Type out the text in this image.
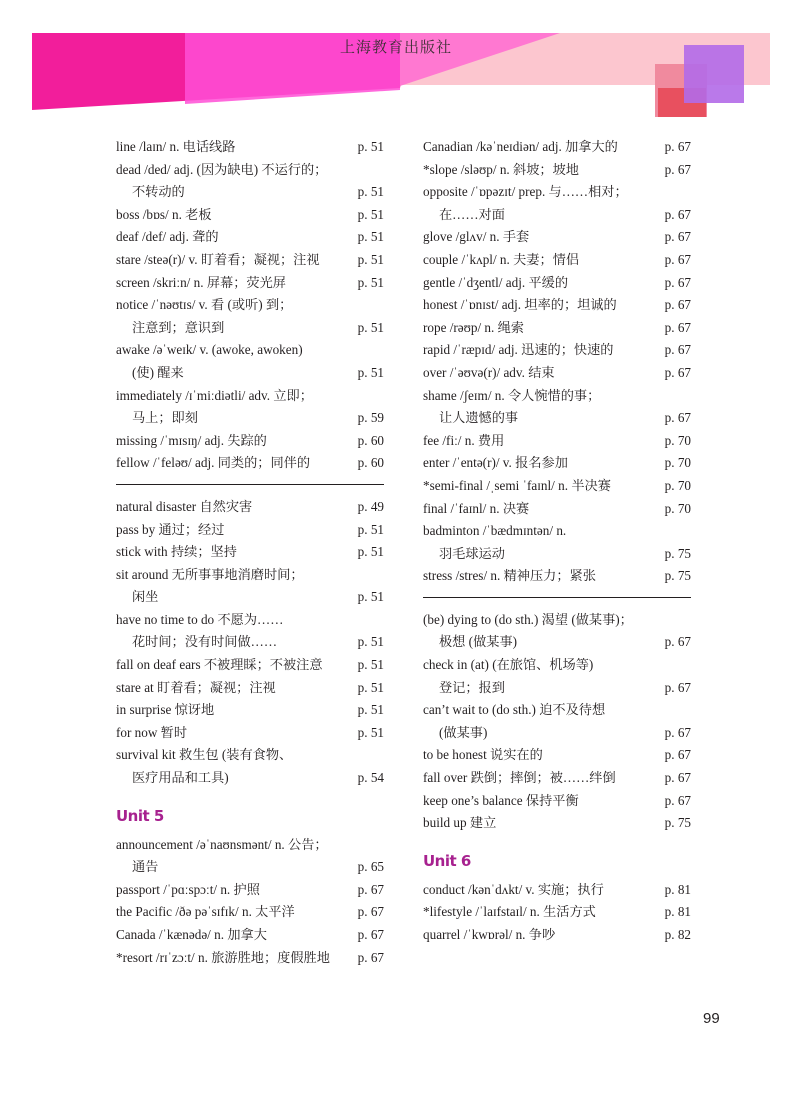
上海教育出版社
line /laɪn/ n. 电话线路	p. 51
dead /ded/ adj. (因为缺电) 不运行的；
不转动的	p. 51
boss /bɒs/ n. 老板	p. 51
deaf /def/ adj. 聋的	p. 51
stare /steə(r)/ v. 盯着看；凝视；注视	p. 51
screen /skriːn/ n. 屏幕；荧光屏	p. 51
notice /ˈnəʊtɪs/ v. 看 (或听) 到；
注意到；意识到	p. 51
awake /əˈweɪk/ v. (awoke, awoken)
(使) 醒来	p. 51
immediately /ɪˈmiːdiətli/ adv. 立即；
马上；即刻	p. 59
missing /ˈmɪsɪŋ/ adj. 失踪的	p. 60
fellow /ˈfeləʊ/ adj. 同类的；同伴的	p. 60
natural disaster 自然灾害	p. 49
pass by 通过；经过	p. 51
stick with 持续；坚持	p. 51
sit around 无所事事地消磨时间；
闲坐	p. 51
have no time to do 不愿为……
花时间；没有时间做……	p. 51
fall on deaf ears 不被理睬；不被注意	p. 51
stare at 盯着看；凝视；注视	p. 51
in surprise 惊讶地	p. 51
for now 暂时	p. 51
survival kit 救生包 (装有食物、
医疗用品和工具)	p. 54
Unit 5
announcement /əˈnaʊnsmənt/ n. 公告；
通告	p. 65
passport /ˈpɑːspɔːt/ n. 护照	p. 67
the Pacific /ðə pəˈsɪfɪk/ n. 太平洋	p. 67
Canada /ˈkænədə/ n. 加拿大	p. 67
*resort /rɪˈzɔːt/ n. 旅游胜地；度假胜地 p. 67
Canadian /kəˈneɪdiən/ adj. 加拿大的	p. 67
*slope /sləʊp/ n. 斜坡；坡地	p. 67
opposite /ˈɒpəzɪt/ prep. 与……相对；
在……对面	p. 67
glove /glʌv/ n. 手套	p. 67
couple /ˈkʌpl/ n. 夫妻；情侣	p. 67
gentle /ˈdʒentl/ adj. 平缓的	p. 67
honest /ˈɒnɪst/ adj. 坦率的；坦诚的	p. 67
rope /rəʊp/ n. 绳索	p. 67
rapid /ˈræpɪd/ adj. 迅速的；快速的	p. 67
over /ˈəʊvə(r)/ adv. 结束	p. 67
shame /ʃeɪm/ n. 令人惋惜的事；
让人遗憾的事	p. 67
fee /fiː/ n. 费用	p. 70
enter /ˈentə(r)/ v. 报名参加	p. 70
*semi-final /ˌsemi ˈfaɪnl/ n. 半决赛	p. 70
final /ˈfaɪnl/ n. 决赛	p. 70
badminton /ˈbædmɪntən/ n.
羽毛球运动	p. 75
stress /stres/ n. 精神压力；紧张	p. 75
(be) dying to (do sth.) 渴望 (做某事)；
极想 (做某事)	p. 67
check in (at) (在旅馆、机场等)
登记；报到	p. 67
can’t wait to (do sth.) 迫不及待想
(做某事)	p. 67
to be honest 说实在的	p. 67
fall over 跌倒；摔倒；被……绊倒	p. 67
keep one’s balance 保持平衡	p. 67
build up 建立	p. 75
Unit 6
conduct /kənˈdʌkt/ v. 实施；执行	p. 81
*lifestyle /ˈlaɪfstaɪl/ n. 生活方式	p. 81
quarrel /ˈkwɒrəl/ n. 争吵	p. 82
99
